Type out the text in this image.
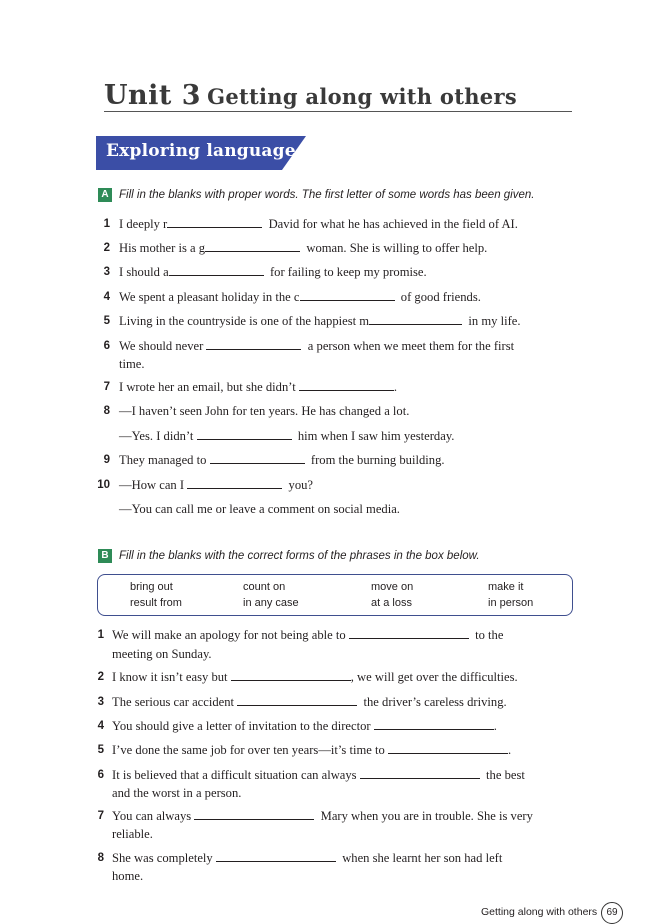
Unit 3 Getting along with others
Exploring language
A Fill in the blanks with proper words. The first letter of some words has been given.
1 I deeply r	David for what he has achieved in the field of AI.
2 His mother is a g	woman. She is willing to offer help.
3 I should a	for failing to keep my promise.
4 We spent a pleasant holiday in the c	of good friends.
5 Living in the countryside is one of the happiest m	in my life.
6 We should never	a person when we meet them for the first
time.
7 I wrote her an email, but she didn’t	.
8 —I haven’t seen John for ten years. He has changed a lot.
—Yes. I didn’t	him when I saw him yesterday.
9 They managed to	from the burning building.
10 —How can I	you?
—You can call me or leave a comment on social media.
B Fill in the blanks with the correct forms of the phrases in the box below.
bring out	count on	move on	make it
result from	in any case	at a loss	in person
1 We will make an apology for not being able to	to the
meeting on Sunday.
2 I know it isn’t easy but	, we will get over the difficulties.
3 The serious car accident	the driver’s careless driving.
4 You should give a letter of invitation to the director	.
5 I’ve done the same job for over ten years—it’s time to	.
6 It is believed that a difficult situation can always	the best
and the worst in a person.
7 You can always	Mary when you are in trouble. She is very
reliable.
8 She was completely	when she learnt her son had left
home.
Getting along with others 69
